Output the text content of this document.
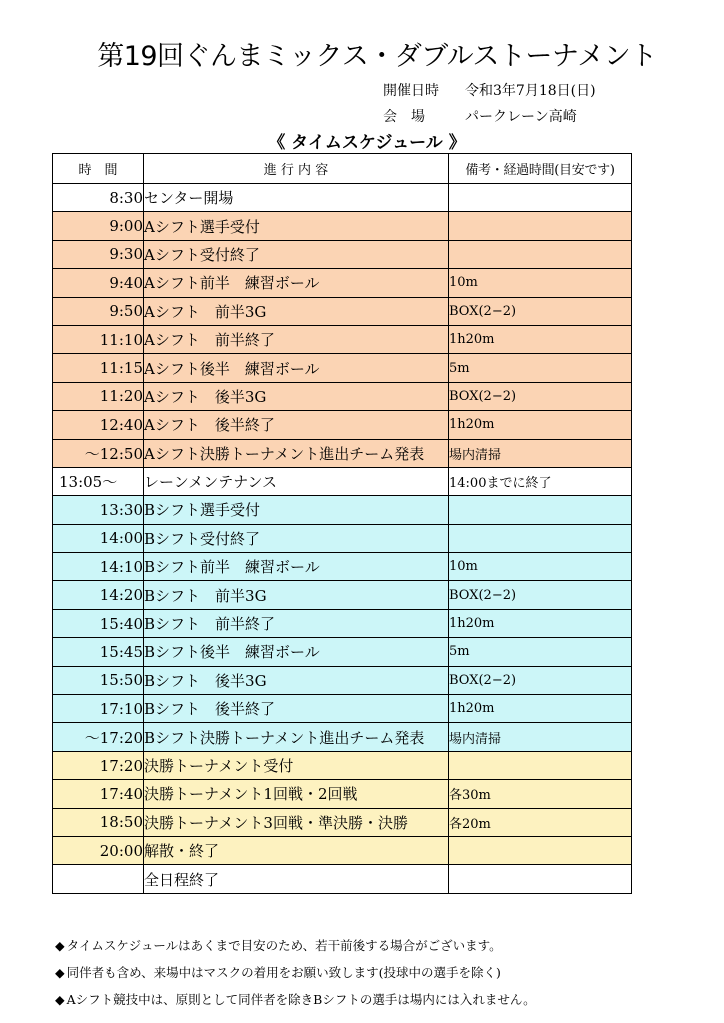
第19回ぐんまミックス・ダブルストーナメント
開催日時 令和3年7月18日(日)
会　場	パークレーン高崎
《 タイムスケジュール 》
時　間	進 行 内 容	備考・経過時間(目安です)
8:30	センター開場	
9:00	Aシフト選手受付	
9:30	Aシフト受付終了	
9:40	Aシフト前半　練習ボール	10m
9:50	Aシフト　前半3G	BOX(2−2)
11:10	Aシフト　前半終了	1h20m
11:15	Aシフト後半　練習ボール	5m
11:20	Aシフト　後半3G	BOX(2−2)
12:40	Aシフト　後半終了	1h20m
〜12:50	Aシフト決勝トーナメント進出チーム発表	場内清掃
13:05〜	レーンメンテナンス	14:00までに終了
13:30	Bシフト選手受付	
14:00	Bシフト受付終了	
14:10	Bシフト前半　練習ボール	10m
14:20	Bシフト　前半3G	BOX(2−2)
15:40	Bシフト　前半終了	1h20m
15:45	Bシフト後半　練習ボール	5m
15:50	Bシフト　後半3G	BOX(2−2)
17:10	Bシフト　後半終了	1h20m
〜17:20	Bシフト決勝トーナメント進出チーム発表	場内清掃
17:20	決勝トーナメント受付	
17:40	決勝トーナメント1回戦・2回戦	各30m
18:50	決勝トーナメント3回戦・準決勝・決勝	各20m
20:00	解散・終了	
	全日程終了	
◆ タイムスケジュールはあくまで目安のため、若干前後する場合がございます。
◆ 同伴者も含め、来場中はマスクの着用をお願い致します(投球中の選手を除く)
◆ Aシフト競技中は、原則として同伴者を除きBシフトの選手は場内には入れません。
